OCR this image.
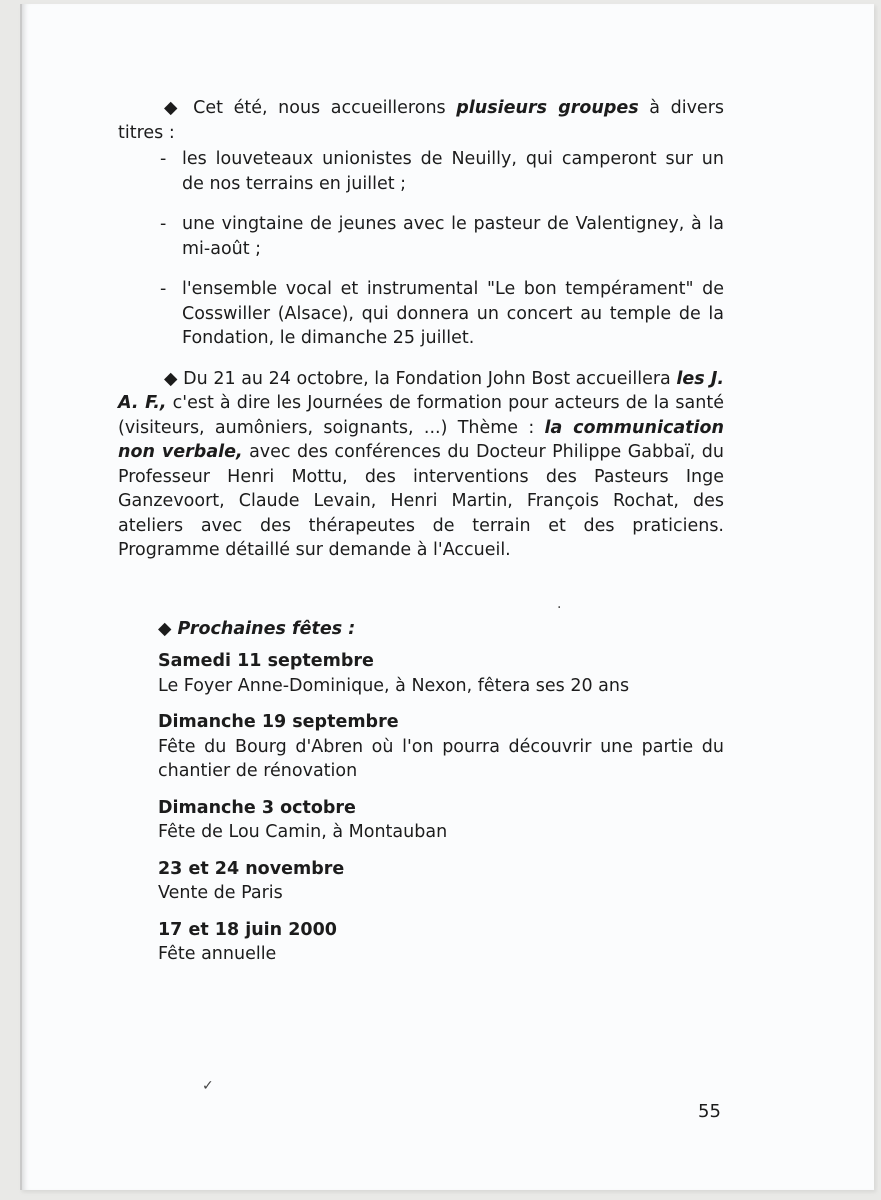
◆ Cet été, nous accueillerons plusieurs groupes à divers titres :

- les louveteaux unionistes de Neuilly, qui camperont sur un de nos terrains en juillet ;
- une vingtaine de jeunes avec le pasteur de Valentigney, à la mi-août ;
- l'ensemble vocal et instrumental "Le bon tempérament" de Cosswiller (Alsace), qui donnera un concert au temple de la Fondation, le dimanche 25 juillet.

◆ Du 21 au 24 octobre, la Fondation John Bost accueillera les J. A. F., c'est à dire les Journées de formation pour acteurs de la santé (visiteurs, aumôniers, soignants, ...) Thème : la communication non verbale, avec des conférences du Docteur Philippe Gabbaï, du Professeur Henri Mottu, des interventions des Pasteurs Inge Ganzevoort, Claude Levain, Henri Martin, François Rochat, des ateliers avec des thérapeutes de terrain et des praticiens. Programme détaillé sur demande à l'Accueil.

◆ Prochaines fêtes :

Samedi 11 septembre
Le Foyer Anne-Dominique, à Nexon, fêtera ses 20 ans
Dimanche 19 septembre
Fête du Bourg d'Abren où l'on pourra découvrir une partie du chantier de rénovation
Dimanche 3 octobre
Fête de Lou Camin, à Montauban
23 et 24 novembre
Vente de Paris
17 et 18 juin 2000
Fête annuelle
·
✓
55
